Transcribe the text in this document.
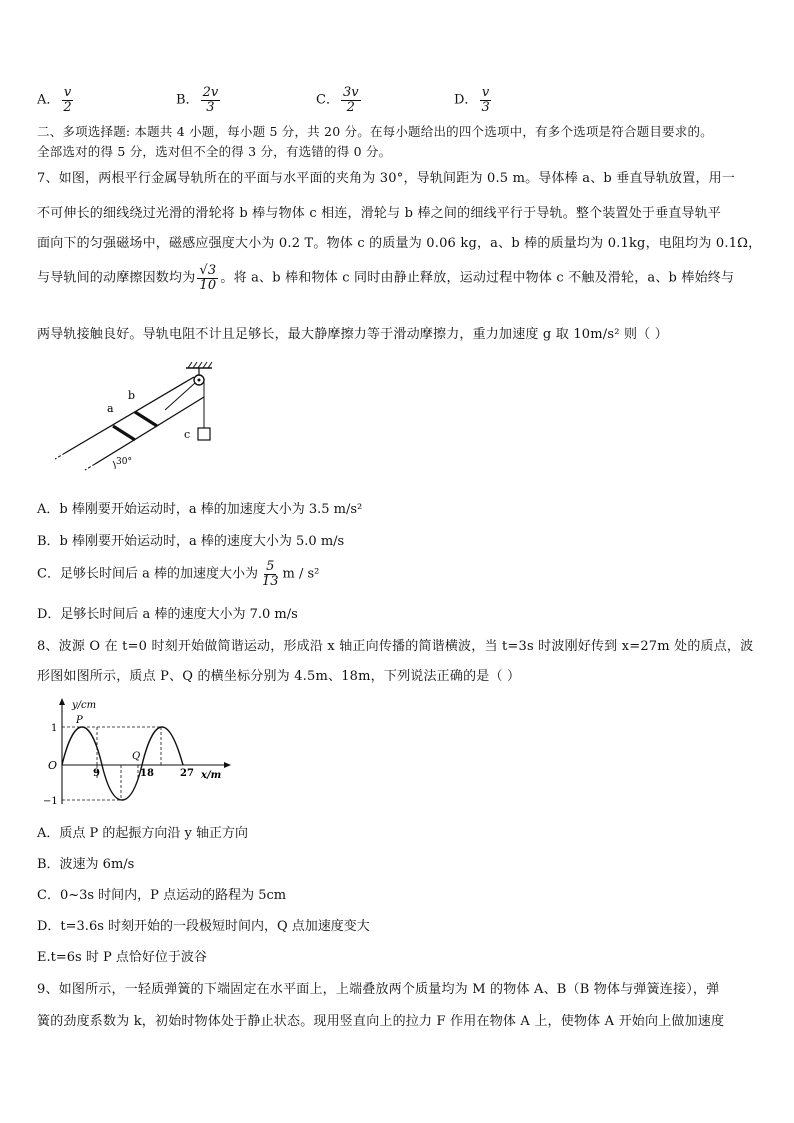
A． $\frac{v}{2}$	B． $\frac{2v}{3}$	C． $\frac{3v}{2}$	D． $\frac{v}{3}$
二、多项选择题: 本题共 4 小题，每小题 5 分，共 20 分。在每小题给出的四个选项中，有多个选项是符合题目要求的。
全部选对的得 5 分，选对但不全的得 3 分，有选错的得 0 分。
7、如图，两根平行金属导轨所在的平面与水平面的夹角为 30°，导轨间距为 0.5 m。导体棒 a、b 垂直导轨放置，用一
不可伸长的细线绕过光滑的滑轮将 b 棒与物体 c 相连，滑轮与 b 棒之间的细线平行于导轨。整个装置处于垂直导轨平
面向下的匀强磁场中，磁感应强度大小为 0.2 T。物体 c 的质量为 0.06 kg，a、b 棒的质量均为 0.1kg，电阻均为 0.1Ω，
与导轨间的动摩擦因数均为 $\frac{√3}{10}$ 。将 a、b 棒和物体 c 同时由静止释放，运动过程中物体 c 不触及滑轮，a、b 棒始终与
两导轨接触良好。导轨电阻不计且足够长，最大静摩擦力等于滑动摩擦力，重力加速度 g 取 10m/s² 则（ ）
a
b
c
30°
A．b 棒刚要开始运动时，a 棒的加速度大小为 3.5 m/s²
B．b 棒刚要开始运动时，a 棒的速度大小为 5.0 m/s
C．足够长时间后 a 棒的加速度大小为 $\frac{5}{13}$ m / s²
D．足够长时间后 a 棒的速度大小为 7.0 m/s
8、波源 O 在 t=0 时刻开始做简谐运动，形成沿 x 轴正向传播的简谐横波，当 t=3s 时波刚好传到 x=27m 处的质点，波
形图如图所示，质点 P、Q 的横坐标分别为 4.5m、18m，下列说法正确的是（ ）
y/cm
x/m
O
1
−1
9	18	27
P
Q
A．质点 P 的起振方向沿 y 轴正方向
B．波速为 6m/s
C．0~3s 时间内，P 点运动的路程为 5cm
D．t=3.6s 时刻开始的一段极短时间内，Q 点加速度变大
E.t=6s 时 P 点恰好位于波谷
9、如图所示，一轻质弹簧的下端固定在水平面上，上端叠放两个质量均为 M 的物体 A、B（B 物体与弹簧连接），弹
簧的劲度系数为 k，初始时物体处于静止状态。现用竖直向上的拉力 F 作用在物体 A 上，使物体 A 开始向上做加速度
